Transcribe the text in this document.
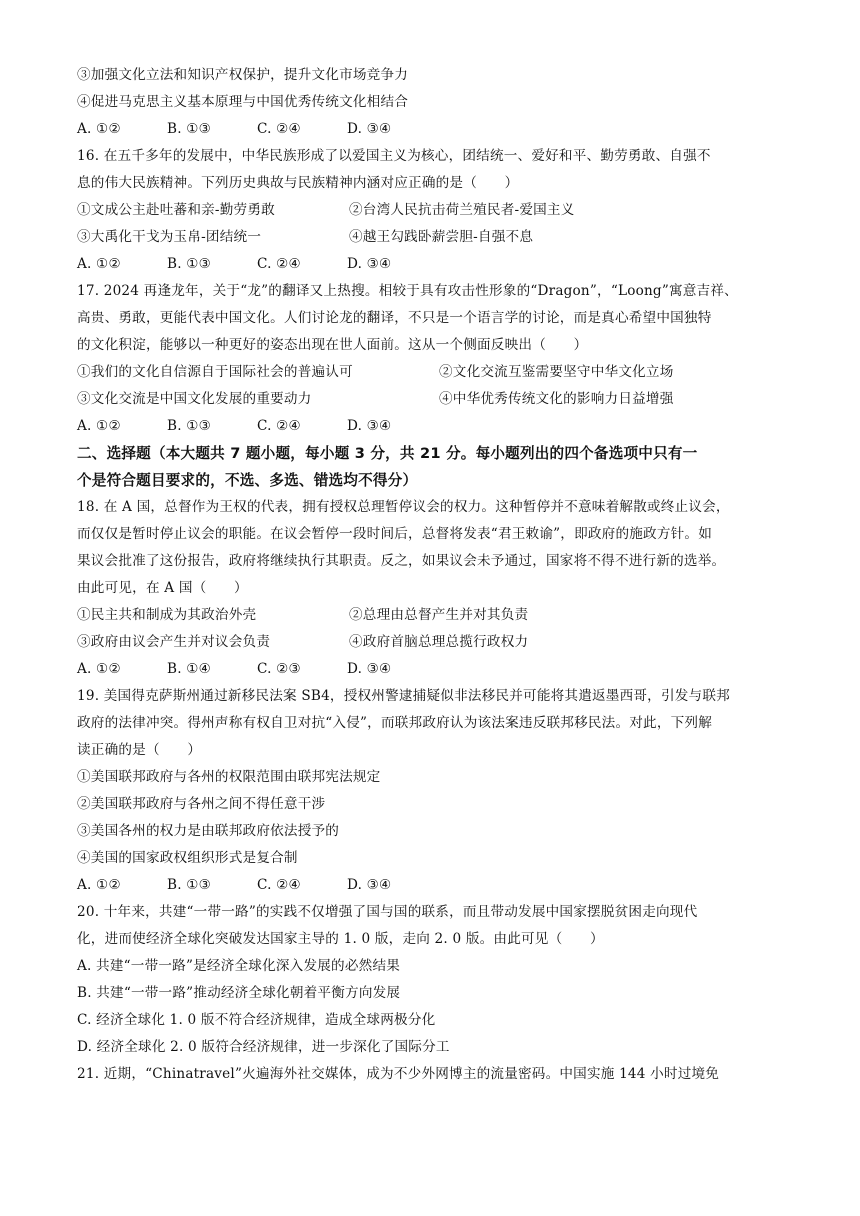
③加强文化立法和知识产权保护，提升文化市场竞争力
④促进马克思主义基本原理与中国优秀传统文化相结合
A. ①②	B. ①③	C. ②④	D. ③④
16. 在五千多年的发展中，中华民族形成了以爱国主义为核心，团结统一、爱好和平、勤劳勇敢、自强不
息的伟大民族精神。下列历史典故与民族精神内涵对应正确的是（　　）
①文成公主赴吐蕃和亲-勤劳勇敢	②台湾人民抗击荷兰殖民者-爱国主义
③大禹化干戈为玉帛-团结统一	④越王勾践卧薪尝胆-自强不息
A. ①②	B. ①③	C. ②④	D. ③④
17. 2024 再逢龙年，关于“龙”的翻译又上热搜。相较于具有攻击性形象的“Dragon”，“Loong”寓意吉祥、
高贵、勇敢，更能代表中国文化。人们讨论龙的翻译，不只是一个语言学的讨论，而是真心希望中国独特
的文化积淀，能够以一种更好的姿态出现在世人面前。这从一个侧面反映出（　　）
①我们的文化自信源自于国际社会的普遍认可	②文化交流互鉴需要坚守中华文化立场
③文化交流是中国文化发展的重要动力	④中华优秀传统文化的影响力日益增强
A. ①②	B. ①③	C. ②④	D. ③④
二、选择题（本大题共 7 题小题，每小题 3 分，共 21 分。每小题列出的四个备选项中只有一
个是符合题目要求的，不选、多选、错选均不得分）
18. 在 A 国，总督作为王权的代表，拥有授权总理暂停议会的权力。这种暂停并不意味着解散或终止议会，
而仅仅是暂时停止议会的职能。在议会暂停一段时间后，总督将发表“君王敕谕”，即政府的施政方针。如
果议会批准了这份报告，政府将继续执行其职责。反之，如果议会未予通过，国家将不得不进行新的选举。
由此可见，在 A 国（　　）
①民主共和制成为其政治外壳	②总理由总督产生并对其负责
③政府由议会产生并对议会负责	④政府首脑总理总揽行政权力
A. ①②	B. ①④	C. ②③	D. ③④
19. 美国得克萨斯州通过新移民法案 SB4，授权州警逮捕疑似非法移民并可能将其遣返墨西哥，引发与联邦
政府的法律冲突。得州声称有权自卫对抗“入侵”，而联邦政府认为该法案违反联邦移民法。对此，下列解
读正确的是（　　）
①美国联邦政府与各州的权限范围由联邦宪法规定
②美国联邦政府与各州之间不得任意干涉
③美国各州的权力是由联邦政府依法授予的
④美国的国家政权组织形式是复合制
A. ①②	B. ①③	C. ②④	D. ③④
20. 十年来，共建“一带一路”的实践不仅增强了国与国的联系，而且带动发展中国家摆脱贫困走向现代
化，进而使经济全球化突破发达国家主导的 1. 0 版，走向 2. 0 版。由此可见（　　）
A. 共建“一带一路”是经济全球化深入发展的必然结果
B. 共建“一带一路”推动经济全球化朝着平衡方向发展
C. 经济全球化 1. 0 版不符合经济规律，造成全球两极分化
D. 经济全球化 2. 0 版符合经济规律，进一步深化了国际分工
21. 近期，“Chinatravel”火遍海外社交媒体，成为不少外网博主的流量密码。中国实施 144 小时过境免
